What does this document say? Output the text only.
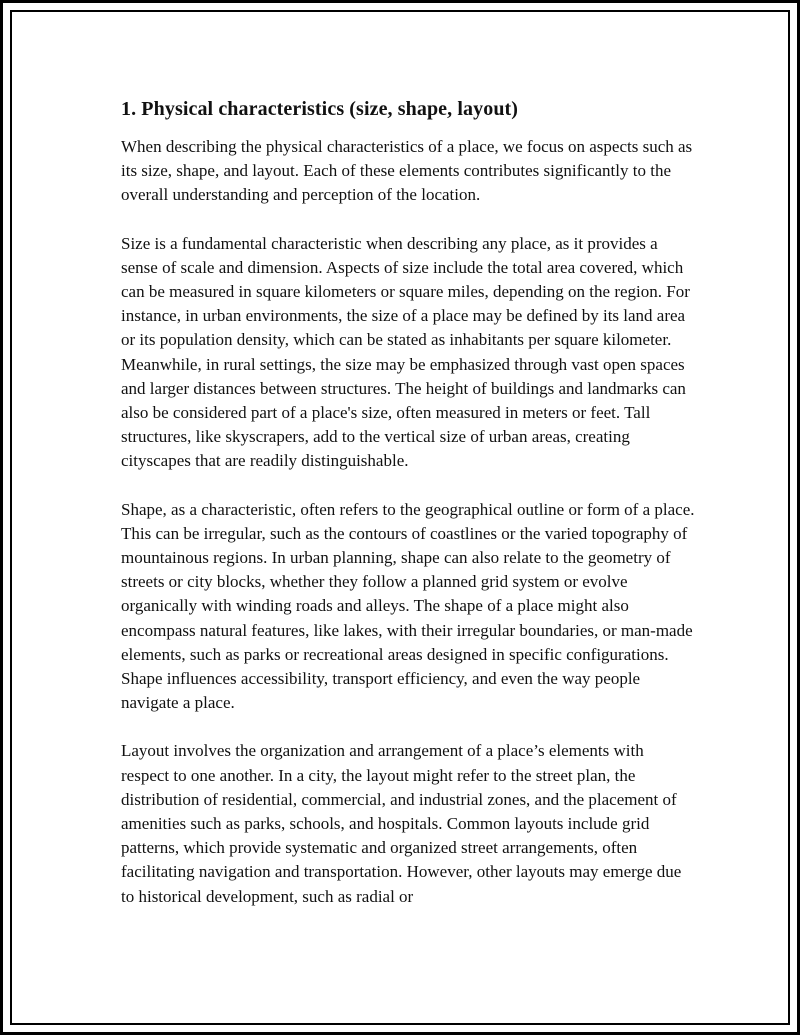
1. Physical characteristics (size, shape, layout)

When describing the physical characteristics of a place, we focus on aspects such as its size, shape, and layout. Each of these elements contributes significantly to the overall understanding and perception of the location.

Size is a fundamental characteristic when describing any place, as it provides a sense of scale and dimension. Aspects of size include the total area covered, which can be measured in square kilometers or square miles, depending on the region. For instance, in urban environments, the size of a place may be defined by its land area or its population density, which can be stated as inhabitants per square kilometer. Meanwhile, in rural settings, the size may be emphasized through vast open spaces and larger distances between structures. The height of buildings and landmarks can also be considered part of a place's size, often measured in meters or feet. Tall structures, like skyscrapers, add to the vertical size of urban areas, creating cityscapes that are readily distinguishable.

Shape, as a characteristic, often refers to the geographical outline or form of a place. This can be irregular, such as the contours of coastlines or the varied topography of mountainous regions. In urban planning, shape can also relate to the geometry of streets or city blocks, whether they follow a planned grid system or evolve organically with winding roads and alleys. The shape of a place might also encompass natural features, like lakes, with their irregular boundaries, or man-made elements, such as parks or recreational areas designed in specific configurations. Shape influences accessibility, transport efficiency, and even the way people navigate a place.

Layout involves the organization and arrangement of a place’s elements with respect to one another. In a city, the layout might refer to the street plan, the distribution of residential, commercial, and industrial zones, and the placement of amenities such as parks, schools, and hospitals. Common layouts include grid patterns, which provide systematic and organized street arrangements, often facilitating navigation and transportation. However, other layouts may emerge due to historical development, such as radial or
